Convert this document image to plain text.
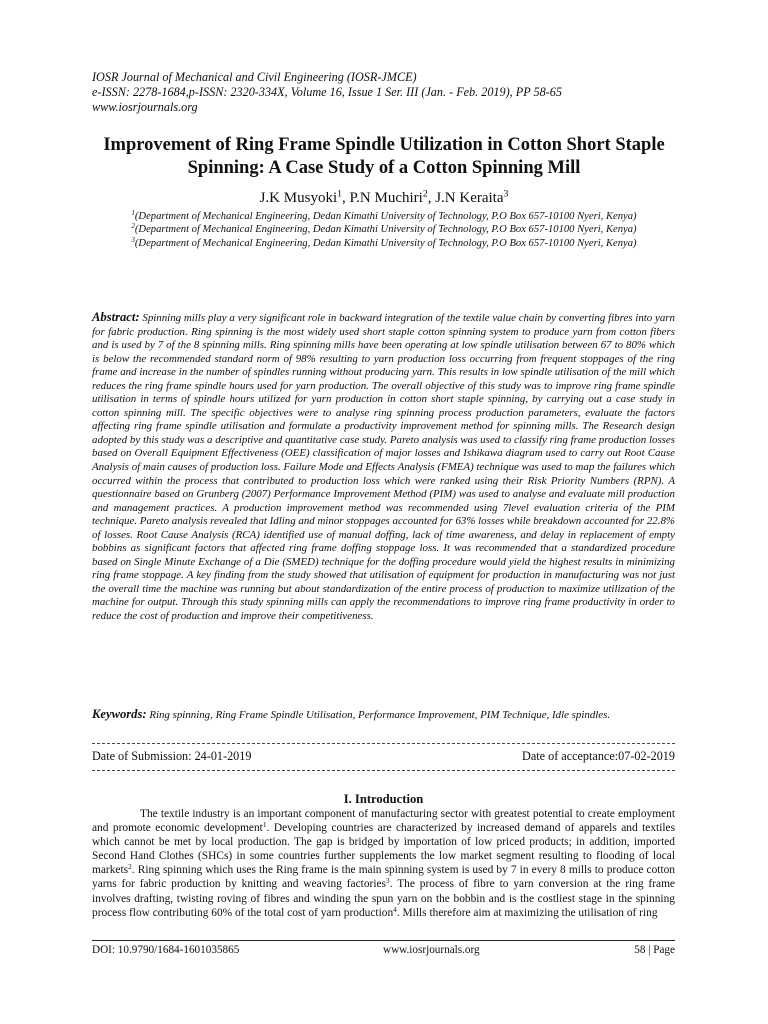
IOSR Journal of Mechanical and Civil Engineering (IOSR-JMCE)
e-ISSN: 2278-1684,p-ISSN: 2320-334X, Volume 16, Issue 1 Ser. III (Jan. - Feb. 2019), PP 58-65
www.iosrjournals.org
Improvement of Ring Frame Spindle Utilization in Cotton Short Staple Spinning: A Case Study of a Cotton Spinning Mill
J.K Musyoki$^1$, P.N Muchiri$^2$, J.N Keraita$^3$

$^1$(Department of Mechanical Engineering, Dedan Kimathi University of Technology, P.O Box 657-10100 Nyeri, Kenya)

$^2$(Department of Mechanical Engineering, Dedan Kimathi University of Technology, P.O Box 657-10100 Nyeri, Kenya)

$^3$(Department of Mechanical Engineering, Dedan Kimathi University of Technology, P.O Box 657-10100 Nyeri, Kenya)

Abstract: Spinning mills play a very significant role in backward integration of the textile value chain by converting fibres into yarn for fabric production. Ring spinning is the most widely used short staple cotton spinning system to produce yarn from cotton fibers and is used by 7 of the 8 spinning mills. Ring spinning mills have been operating at low spindle utilisation between 67 to 80% which is below the recommended standard norm of 98% resulting to yarn production loss occurring from frequent stoppages of the ring frame and increase in the number of spindles running without producing yarn. This results in low spindle utilisation of the mill which reduces the ring frame spindle hours used for yarn production. The overall objective of this study was to improve ring frame spindle utilisation in terms of spindle hours utilized for yarn production in cotton short staple spinning, by carrying out a case study in cotton spinning mill. The specific objectives were to analyse ring spinning process production parameters, evaluate the factors affecting ring frame spindle utilisation and formulate a productivity improvement method for spinning mills. The Research design adopted by this study was a descriptive and quantitative case study. Pareto analysis was used to classify ring frame production losses based on Overall Equipment Effectiveness (OEE) classification of major losses and Ishikawa diagram used to carry out Root Cause Analysis of main causes of production loss. Failure Mode and Effects Analysis (FMEA) technique was used to map the failures which occurred within the process that contributed to production loss which were ranked using their Risk Priority Numbers (RPN). A questionnaire based on Grunberg (2007) Performance Improvement Method (PIM) was used to analyse and evaluate mill production and management practices. A production improvement method was recommended using 7level evaluation criteria of the PIM technique. Pareto analysis revealed that Idling and minor stoppages accounted for 63% losses while breakdown accounted for 22.8% of losses. Root Cause Analysis (RCA) identified use of manual doffing, lack of time awareness, and delay in replacement of empty bobbins as significant factors that affected ring frame doffing stoppage loss. It was recommended that a standardized procedure based on Single Minute Exchange of a Die (SMED) technique for the doffing procedure would yield the highest results in minimizing ring frame stoppage. A key finding from the study showed that utilisation of equipment for production in manufacturing was not just the overall time the machine was running but about standardization of the entire process of production to maximize utilization of the machine for output. Through this study spinning mills can apply the recommendations to improve ring frame productivity in order to reduce the cost of production and improve their competitiveness.
Keywords: Ring spinning, Ring Frame Spindle Utilisation, Performance Improvement, PIM Technique, Idle spindles.
Date of Submission: 24-01-2019	Date of acceptance:07-02-2019
I. Introduction
The textile industry is an important component of manufacturing sector with greatest potential to create employment and promote economic development$^1$. Developing countries are characterized by increased demand of apparels and textiles which cannot be met by local production. The gap is bridged by importation of low priced products; in addition, imported Second Hand Clothes (SHCs) in some countries further supplements the low market segment resulting to flooding of local markets$^2$. Ring spinning which uses the Ring frame is the main spinning system is used by 7 in every 8 mills to produce cotton yarns for fabric production by knitting and weaving factories$^3$. The process of fibre to yarn conversion at the ring frame involves drafting, twisting roving of fibres and winding the spun yarn on the bobbin and is the costliest stage in the spinning process flow contributing 60% of the total cost of yarn production$^4$. Mills therefore aim at maximizing the utilisation of ring
DOI: 10.9790/1684-1601035865	www.iosrjournals.org	58 | Page
